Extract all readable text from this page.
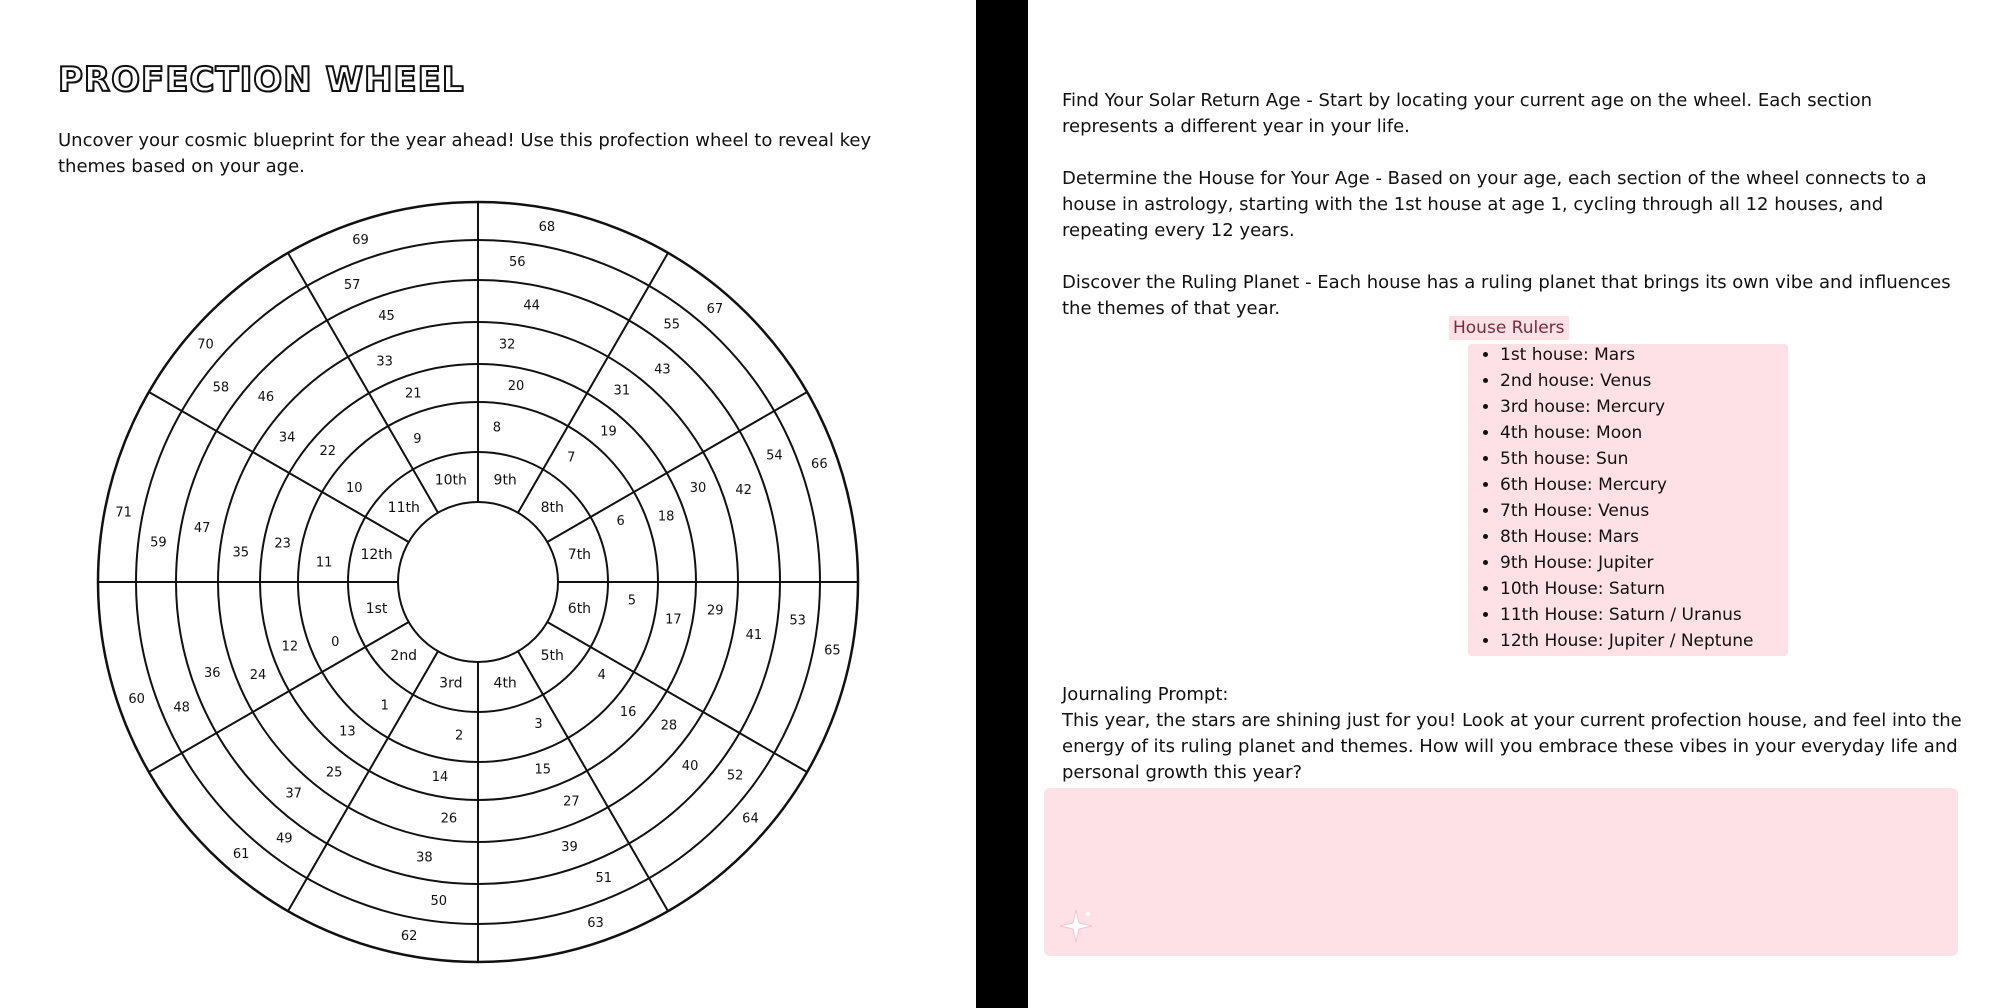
PROFECTION WHEEL
Uncover your cosmic blueprint for the year ahead! Use this profection wheel to reveal key themes based on your age.
1st
2nd
3rd 4th
5th
6th
7th
8th
9th
10th
11th
12th
0
1
2
3
4
5
6
7
8
9
10
11
12
13
14	15
16
17
18
19
20
21
22
23
24
25
26
27
28
29
30
31
32
33
34
35
36
37
38
39
40
41
42
43
44
45
46
47
48
49
50
51
52
53
54
55
56
57
58
59
60
61
62
63
64
65
66
67
68
69
70
71
Find Your Solar Return Age - Start by locating your current age on the wheel. Each section represents a different year in your life.
Determine the House for Your Age - Based on your age, each section of the wheel connects to a house in astrology, starting with the 1st house at age 1, cycling through all 12 houses, and repeating every 12 years.
Discover the Ruling Planet - Each house has a ruling planet that brings its own vibe and influences the themes of that year.
House Rulers
• 1st house: Mars
• 2nd house: Venus
• 3rd house: Mercury
• 4th house: Moon
• 5th house: Sun
• 6th House: Mercury
• 7th House: Venus
• 8th House: Mars
• 9th House: Jupiter
• 10th House: Saturn
• 11th House: Saturn / Uranus
• 12th House: Jupiter / Neptune
Journaling Prompt:
This year, the stars are shining just for you! Look at your current profection house, and feel into the energy of its ruling planet and themes. How will you embrace these vibes in your everyday life and personal growth this year?
